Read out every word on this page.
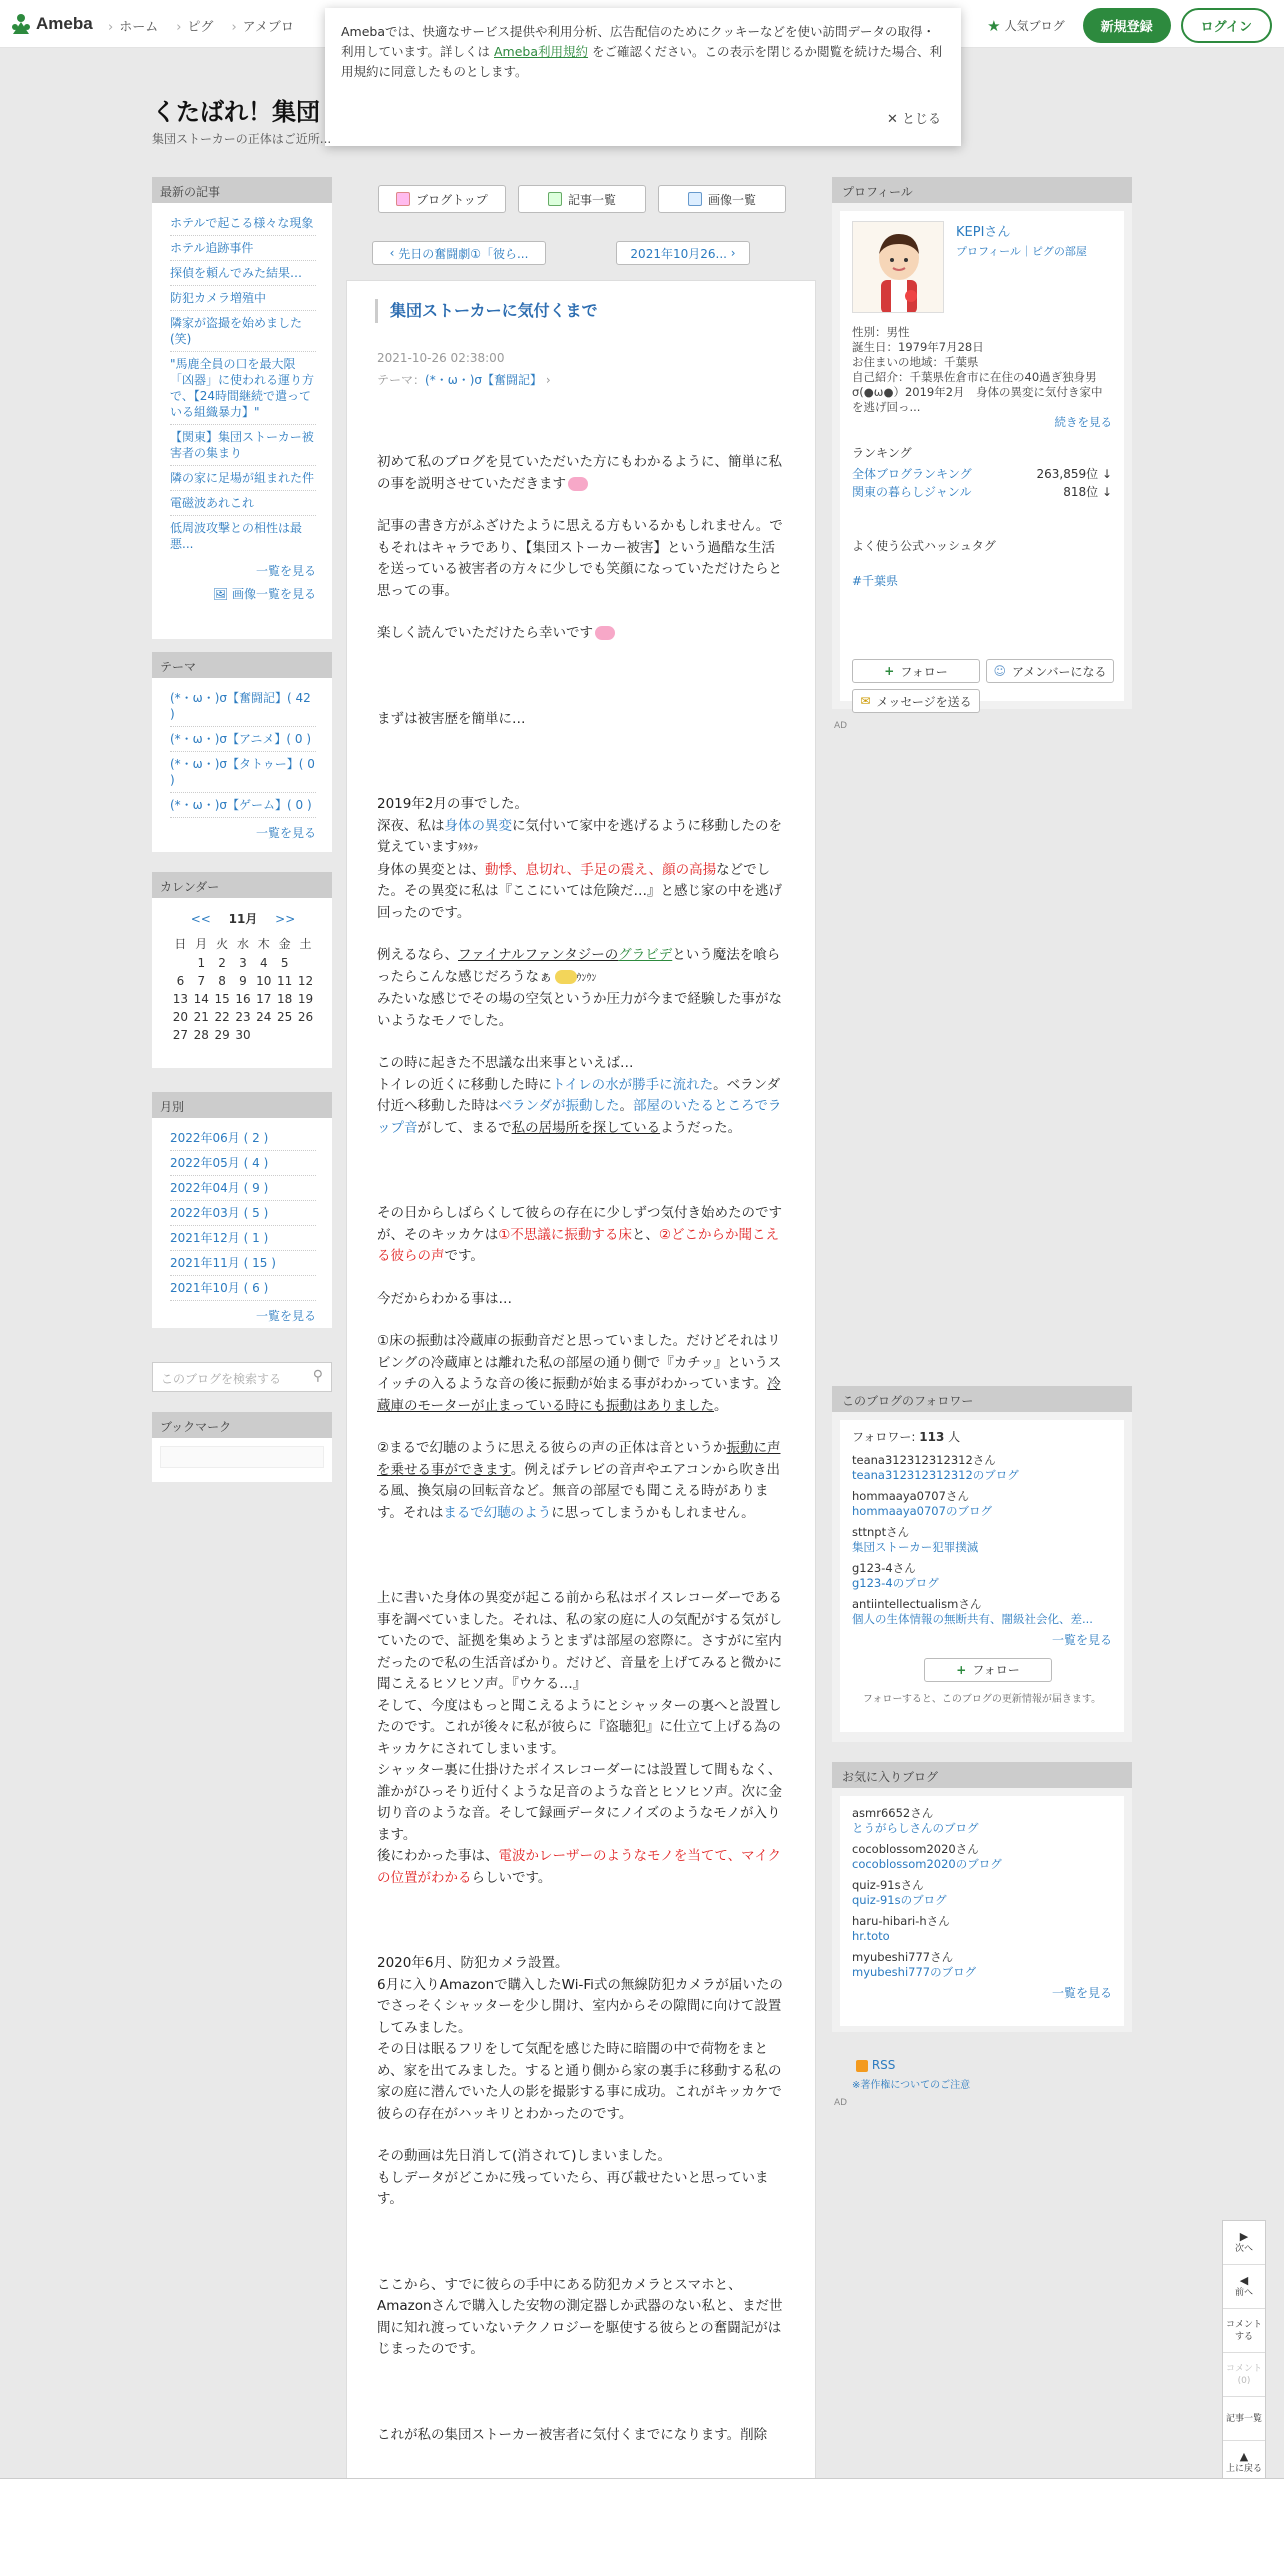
Ameba	› ホーム	› ピグ	› アメブロ	★ 人気ブログ	新規登録	ログイン
Amebaでは、快適なサービス提供や利用分析、広告配信のためにクッキーなどを使い訪問データの取得・利用しています。詳しくは Ameba利用規約 をご確認ください。この表示を閉じるか閲覧を続けた場合、利用規約に同意したものとします。
✕ とじる
くたばれ！集団
集団ストーカーの正体はご近所...
最新の記事
ホテルで起こる様々な現象
ホテル追跡事件
探偵を頼んでみた結果…
防犯カメラ増殖中
隣家が盗撮を始めました(笑)
"馬鹿全員の口を最大限「凶器」に使われる運り方で、【24時間継続で遣っている組織暴力】"
【関東】集団ストーカー被害者の集まり
隣の家に足場が組まれた件
電磁波あれこれ
低周波攻撃との相性は最悪...
一覧を見る
🖼 画像一覧を見る
テーマ
(*・ω・)σ【奮闘記】( 42 )
(*・ω・)σ【アニメ】( 0 )
(*・ω・)σ【タトゥー】( 0 )
(*・ω・)σ【ゲーム】( 0 )
一覧を見る
カレンダー
<< 11月 >>
日	月	火	水	木	金	土
	1	2	3	4	5	
6	7	8	9	10	11	12
13	14	15	16	17	18	19
20	21	22	23	24	25	26
27	28	29	30			
月別
2022年06月 ( 2 )
2022年05月 ( 4 )
2022年04月 ( 9 )
2022年03月 ( 5 )
2021年12月 ( 1 )
2021年11月 ( 15 )
2021年10月 ( 6 )
一覧を見る
このブログを検索する ⚲
ブックマーク
ブログトップ	記事一覧	画像一覧
‹ 先日の奮闘劇①「彼ら...	2021年10月26... ›
集団ストーカーに気付くまで
2021-10-26 02:38:00
テーマ：(*・ω・)σ【奮闘記】 ›

初めて私のブログを見ていただいた方にもわかるように、簡単に私の事を説明させていただきます

記事の書き方がふざけたように思える方もいるかもしれません。でもそれはキャラであり、【集団ストーカー被害】という過酷な生活を送っている被害者の方々に少しでも笑顔になっていただけたらと思っての事。

楽しく読んでいただけたら幸いです

まずは被害歴を簡単に…

2019年2月の事でした。
深夜、私は身体の異変に気付いて家中を逃げるように移動したのを覚えていますﾀﾀﾀｯ
身体の異変とは、動悸、息切れ、手足の震え、顔の高揚などでした。その異変に私は『ここにいては危険だ…』と感じ家の中を逃げ回ったのです。

例えるなら、ファイナルファンタジーのグラビデという魔法を喰らったらこんな感じだろうなぁ ｳﾝｳﾝ
みたいな感じでその場の空気というか圧力が今まで経験した事がないようなモノでした。

この時に起きた不思議な出来事といえば…
トイレの近くに移動した時にトイレの水が勝手に流れた。ベランダ付近へ移動した時はベランダが振動した。部屋のいたるところでラップ音がして、まるで私の居場所を探しているようだった。

その日からしばらくして彼らの存在に少しずつ気付き始めたのですが、そのキッカケは①不思議に振動する床と、②どこからか聞こえる彼らの声です。

今だからわかる事は…

①床の振動は冷蔵庫の振動音だと思っていました。だけどそれはリビングの冷蔵庫とは離れた私の部屋の通り側で『カチッ』というスイッチの入るような音の後に振動が始まる事がわかっています。冷蔵庫のモーターが止まっている時にも振動はありました。

②まるで幻聴のように思える彼らの声の正体は音というか振動に声を乗せる事ができます。例えばテレビの音声やエアコンから吹き出る風、換気扇の回転音など。無音の部屋でも聞こえる時があります。それはまるで幻聴のように思ってしまうかもしれません。

上に書いた身体の異変が起こる前から私はボイスレコーダーである事を調べていました。それは、私の家の庭に人の気配がする気がしていたので、証拠を集めようとまずは部屋の窓際に。さすがに室内だったので私の生活音ばかり。だけど、音量を上げてみると微かに聞こえるヒソヒソ声。『ウケる…』

そして、今度はもっと聞こえるようにとシャッターの裏へと設置したのです。これが後々に私が彼らに『盗聴犯』に仕立て上げる為のキッカケにされてしまいます。

シャッター裏に仕掛けたボイスレコーダーには設置して間もなく、誰かがひっそり近付くような足音のような音とヒソヒソ声。次に金切り音のような音。そして録画データにノイズのようなモノが入ります。

後にわかった事は、電波かレーザーのようなモノを当てて、マイクの位置がわかるらしいです。

2020年6月、防犯カメラ設置。
6月に入りAmazonで購入したWi-Fi式の無線防犯カメラが届いたのでさっそくシャッターを少し開け、室内からその隙間に向けて設置してみました。

その日は眠るフリをして気配を感じた時に暗闇の中で荷物をまとめ、家を出てみました。すると通り側から家の裏手に移動する私の家の庭に潜んでいた人の影を撮影する事に成功。これがキッカケで彼らの存在がハッキリとわかったのです。

その動画は先日消して(消されて)しまいました。

もしデータがどこかに残っていたら、再び載せたいと思っています。

ここから、すでに彼らの手中にある防犯カメラとスマホと、Amazonさんで購入した安物の測定器しか武器のない私と、まだ世間に知れ渡っていないテクノロジーを駆使する彼らとの奮闘記がはじまったのです。

これが私の集団ストーカー被害者に気付くまでになります。削除

プロフィール
KEPIさん
プロフィール｜ピグの部屋
性別：男性
誕生日：1979年7月28日
お住まいの地域：千葉県
自己紹介：千葉県佐倉市に在住の40過ぎ独身男σ(●ω●）2019年2月　身体の異変に気付き家中を逃げ回っ...
続きを見る
ランキング
全体ブログランキング	263,859位 ↓
関東の暮らしジャンル	818位 ↓
よく使う公式ハッシュタグ
#千葉県
+ フォロー	☺ アメンバーになる
✉ メッセージを送る
AD
このブログのフォロワー
フォロワー: 113 人
teana312312312312さん
teana312312312312のブログ
hommaaya0707さん
hommaaya0707のブログ
sttnptさん
集団ストーカー犯罪撲滅
g123-4さん
g123-4のブログ
antiintellectualismさん
個人の生体情報の無断共有、闇級社会化、差...
一覧を見る
+ フォロー
フォローすると、このブログの更新情報が届きます。
お気に入りブログ
asmr6652さん
とうがらしさんのブログ
cocoblossom2020さん
cocoblossom2020のブログ
quiz-91sさん
quiz-91sのブログ
haru-hibari-hさん
hr.toto
myubeshi777さん
myubeshi777のブログ
一覧を見る
RSS
※著作権についてのご注意
AD
▶
次へ
◀
前へ
コメントする
コメント(0)
記事一覧
▲
上に戻る
